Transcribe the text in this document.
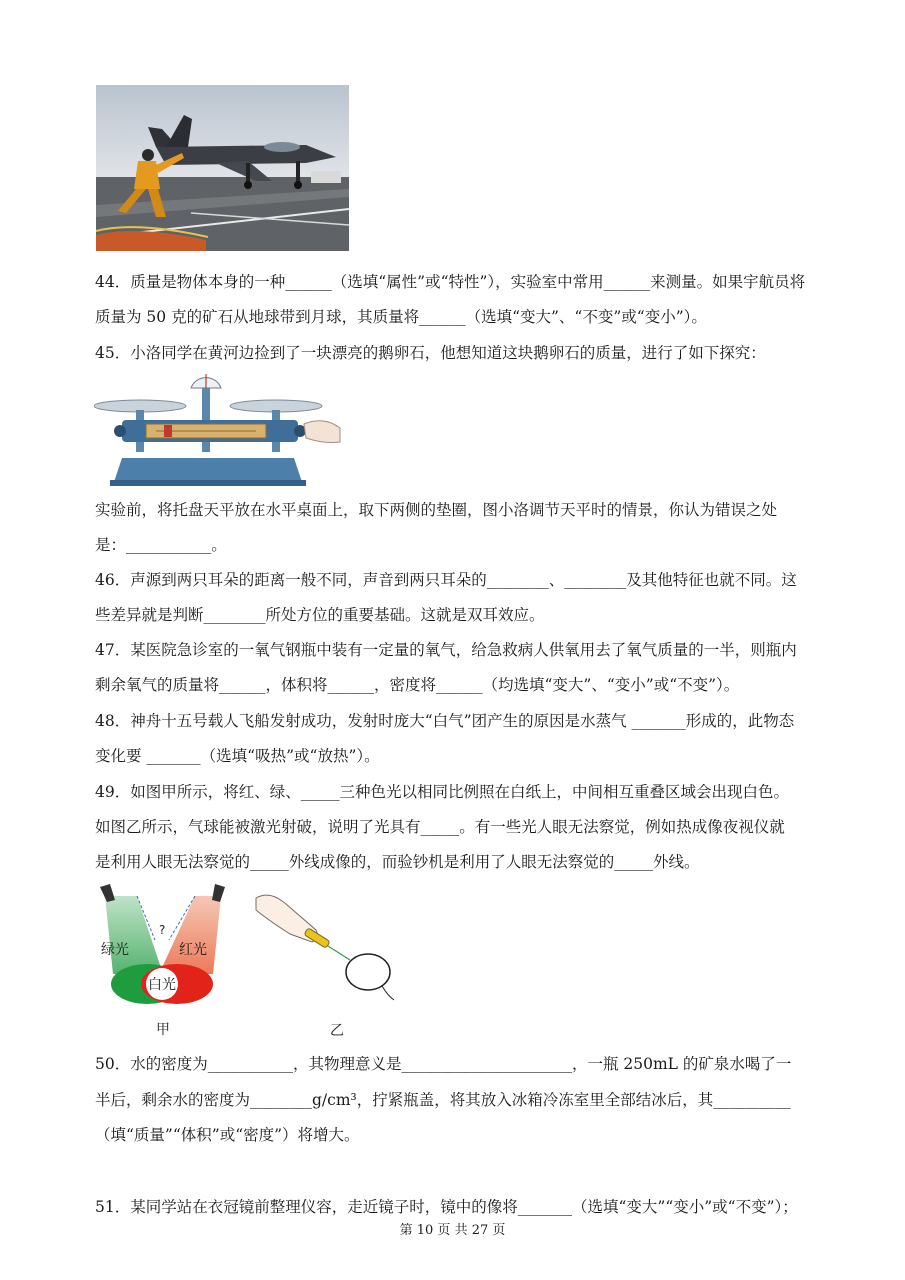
44．质量是物体本身的一种______（选填“属性”或“特性”），实验室中常用______来测量。如果宇航员将
质量为 50 克的矿石从地球带到月球，其质量将______（选填“变大”、“不变”或“变小”）。
45．小洛同学在黄河边捡到了一块漂亮的鹅卵石，他想知道这块鹅卵石的质量，进行了如下探究：
实验前，将托盘天平放在水平桌面上，取下两侧的垫圈，图小洛调节天平时的情景，你认为错误之处
是：___________。
46．声源到两只耳朵的距离一般不同，声音到两只耳朵的________、________及其他特征也就不同。这
些差异就是判断________所处方位的重要基础。这就是双耳效应。
47．某医院急诊室的一氧气钢瓶中装有一定量的氧气，给急救病人供氧用去了氧气质量的一半，则瓶内
剩余氧气的质量将______，体积将______，密度将______（均选填“变大”、“变小”或“不变”）。
48．神舟十五号载人飞船发射成功，发射时庞大“白气”团产生的原因是水蒸气 _______形成的，此物态
变化要 _______（选填“吸热”或“放热”）。
49．如图甲所示，将红、绿、_____三种色光以相同比例照在白纸上，中间相互重叠区域会出现白色。
如图乙所示，气球能被激光射破，说明了光具有_____。有一些光人眼无法察觉，例如热成像夜视仪就
是利用人眼无法察觉的_____外线成像的，而验钞机是利用了人眼无法察觉的_____外线。
?
绿光	红光
白光
甲	乙
50．水的密度为___________，其物理意义是______________________，一瓶 250mL 的矿泉水喝了一
半后，剩余水的密度为________g/cm³，拧紧瓶盖，将其放入冰箱冷冻室里全部结冰后，其__________
（填“质量”“体积”或“密度”）将增大。
51．某同学站在衣冠镜前整理仪容，走近镜子时，镜中的像将_______（选填“变大”“变小”或“不变”）；
第 10 页 共 27 页
